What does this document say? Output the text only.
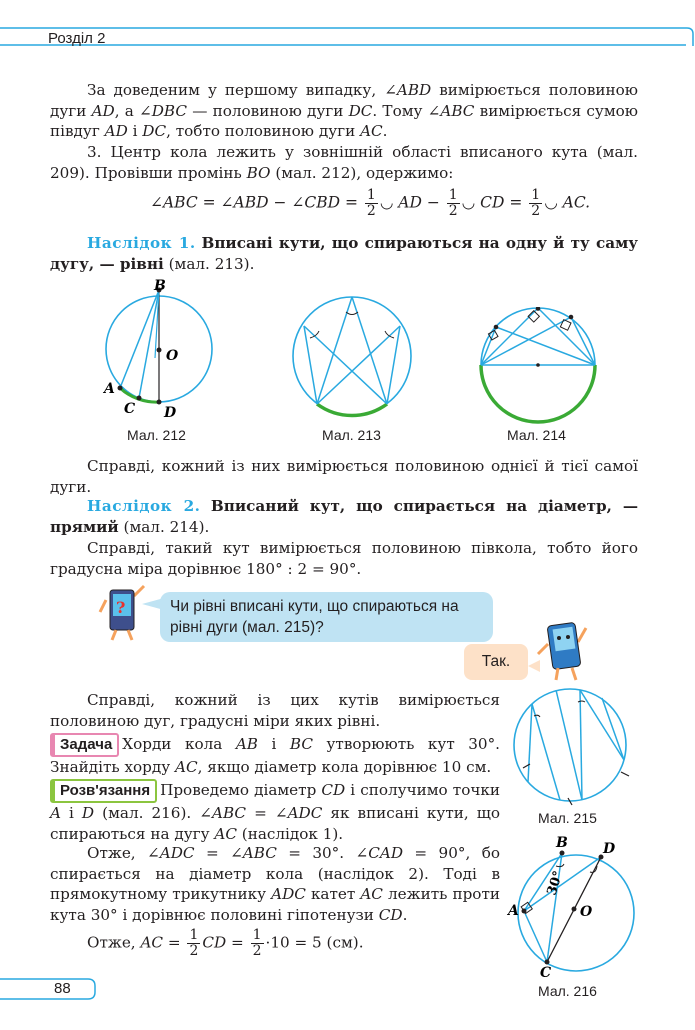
Розділ 2
За доведеним у першому випадку, ∠ABD вимірюється половиною дуги AD, а ∠DBC — половиною дуги DC. Тому ∠ABC вимірюється сумою півдуг AD і DC, тобто половиною дуги AC.
3. Центр кола лежить у зовнішній області вписаного кута (мал. 209). Провівши промінь BO (мал. 212), одержимо:
∠ABC = ∠ABD − ∠CBD = $\frac{1}{2}$ ◡ AD − $\frac{1}{2}$ ◡ CD = $\frac{1}{2}$ ◡ AC.
Наслідок 1. Вписані кути, що спираються на одну й ту саму дугу, — рівні (мал. 213).
B
O
A
C D
Мал. 212	Мал. 213	Мал. 214
Справді, кожний із них вимірюється половиною однієї й тієї самої дуги.
Наслідок 2. Вписаний кут, що спирається на діаметр, — прямий (мал. 214).
Справді, такий кут вимірюється половиною півкола, тобто його градусна міра дорівнює 180° : 2 = 90°.
?	Чи рівні вписані кути, що спираються на рівні дуги (мал. 215)?
Так.
Справді, кожний із цих кутів вимірюється половиною дуг, градусні міри яких рівні.
Задача Хорди кола AB і BC утворюють кут 30°. Знайдіть хорду AC, якщо діаметр кола дорівнює 10 см.
Розв'язання Проведемо діаметр CD і сполучимо точки A і D (мал. 216). ∠ABC = ∠ADC як вписані кути, що спираються на дугу AC (наслідок 1).
Отже, ∠ADC = ∠ABC = 30°. ∠CAD = 90°, бо спирається на діаметр кола (наслідок 2). Тоді в прямокутному трикутнику ADC катет AC лежить проти кута 30° і дорівнює половині гіпотенузи CD.
Отже, AC = $\frac{1}{2}$ CD = $\frac{1}{2} \cdot 10 = 5$ (см).
Мал. 215
B	D
A
C
O
30°
Мал. 216
88
